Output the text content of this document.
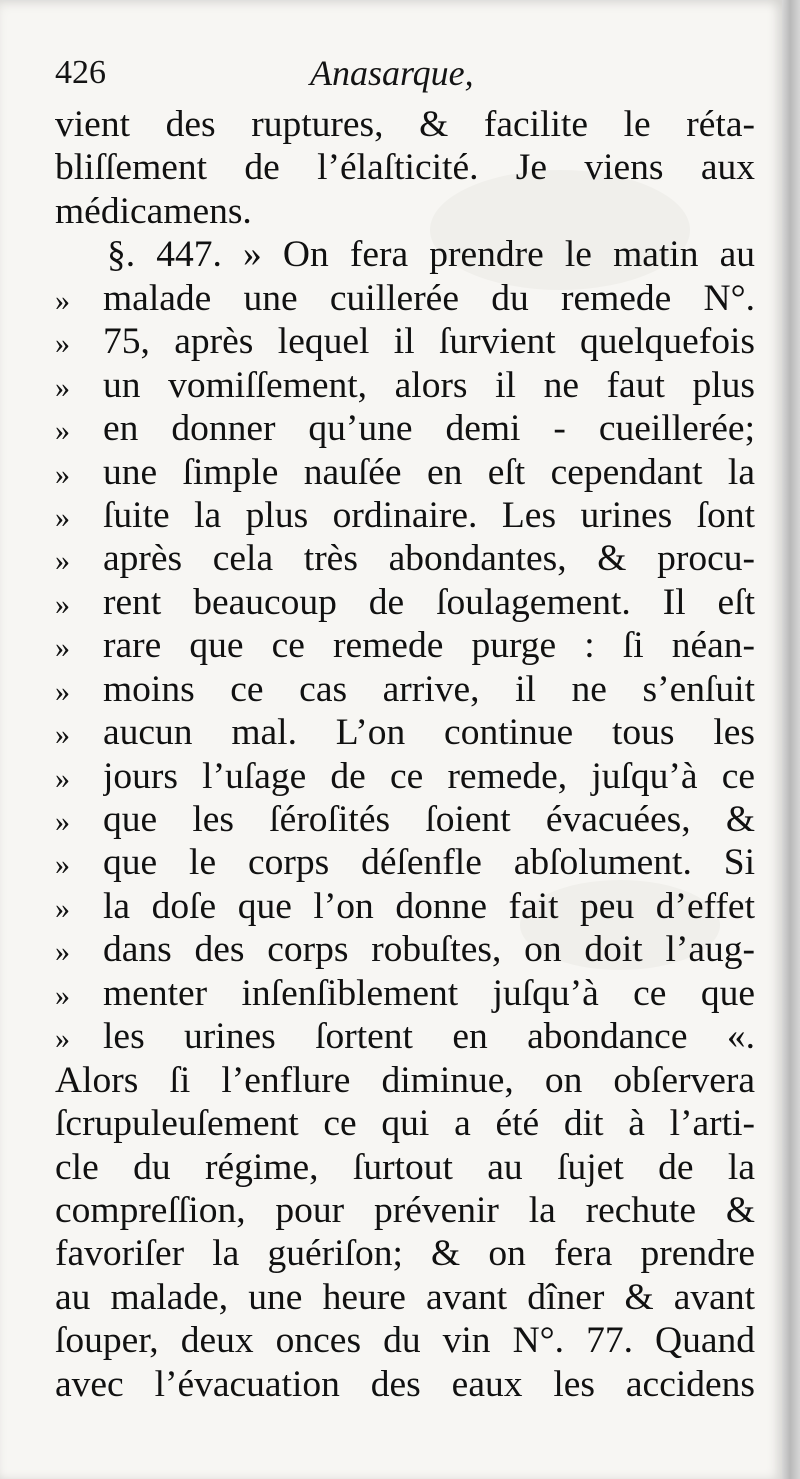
426	Anasarque,
vient des ruptures, & facilite le réta-
bliſſement de l’élaſticité. Je viens aux
médicamens.
§. 447. » On fera prendre le matin au
» malade une cuillerée du remede N°.
» 75, après lequel il ſurvient quelquefois
» un vomiſſement, alors il ne faut plus
» en donner qu’une demi - cueillerée;
» une ſimple nauſée en eſt cependant la
» ſuite la plus ordinaire. Les urines ſont
» après cela très abondantes, & procu-
» rent beaucoup de ſoulagement. Il eſt
» rare que ce remede purge : ſi néan-
» moins ce cas arrive, il ne s’enſuit
» aucun mal. L’on continue tous les
» jours l’uſage de ce remede, juſqu’à ce
» que les ſéroſités ſoient évacuées, &
» que le corps déſenfle abſolument. Si
» la doſe que l’on donne fait peu d’effet
» dans des corps robuſtes, on doit l’aug-
» menter inſenſiblement juſqu’à ce que
» les urines ſortent en abondance «.
Alors ſi l’enflure diminue, on obſervera
ſcrupuleuſement ce qui a été dit à l’arti-
cle du régime, ſurtout au ſujet de la
compreſſion, pour prévenir la rechute &
favoriſer la guériſon; & on fera prendre
au malade, une heure avant dîner & avant
ſouper, deux onces du vin N°. 77. Quand
avec l’évacuation des eaux les accidens
